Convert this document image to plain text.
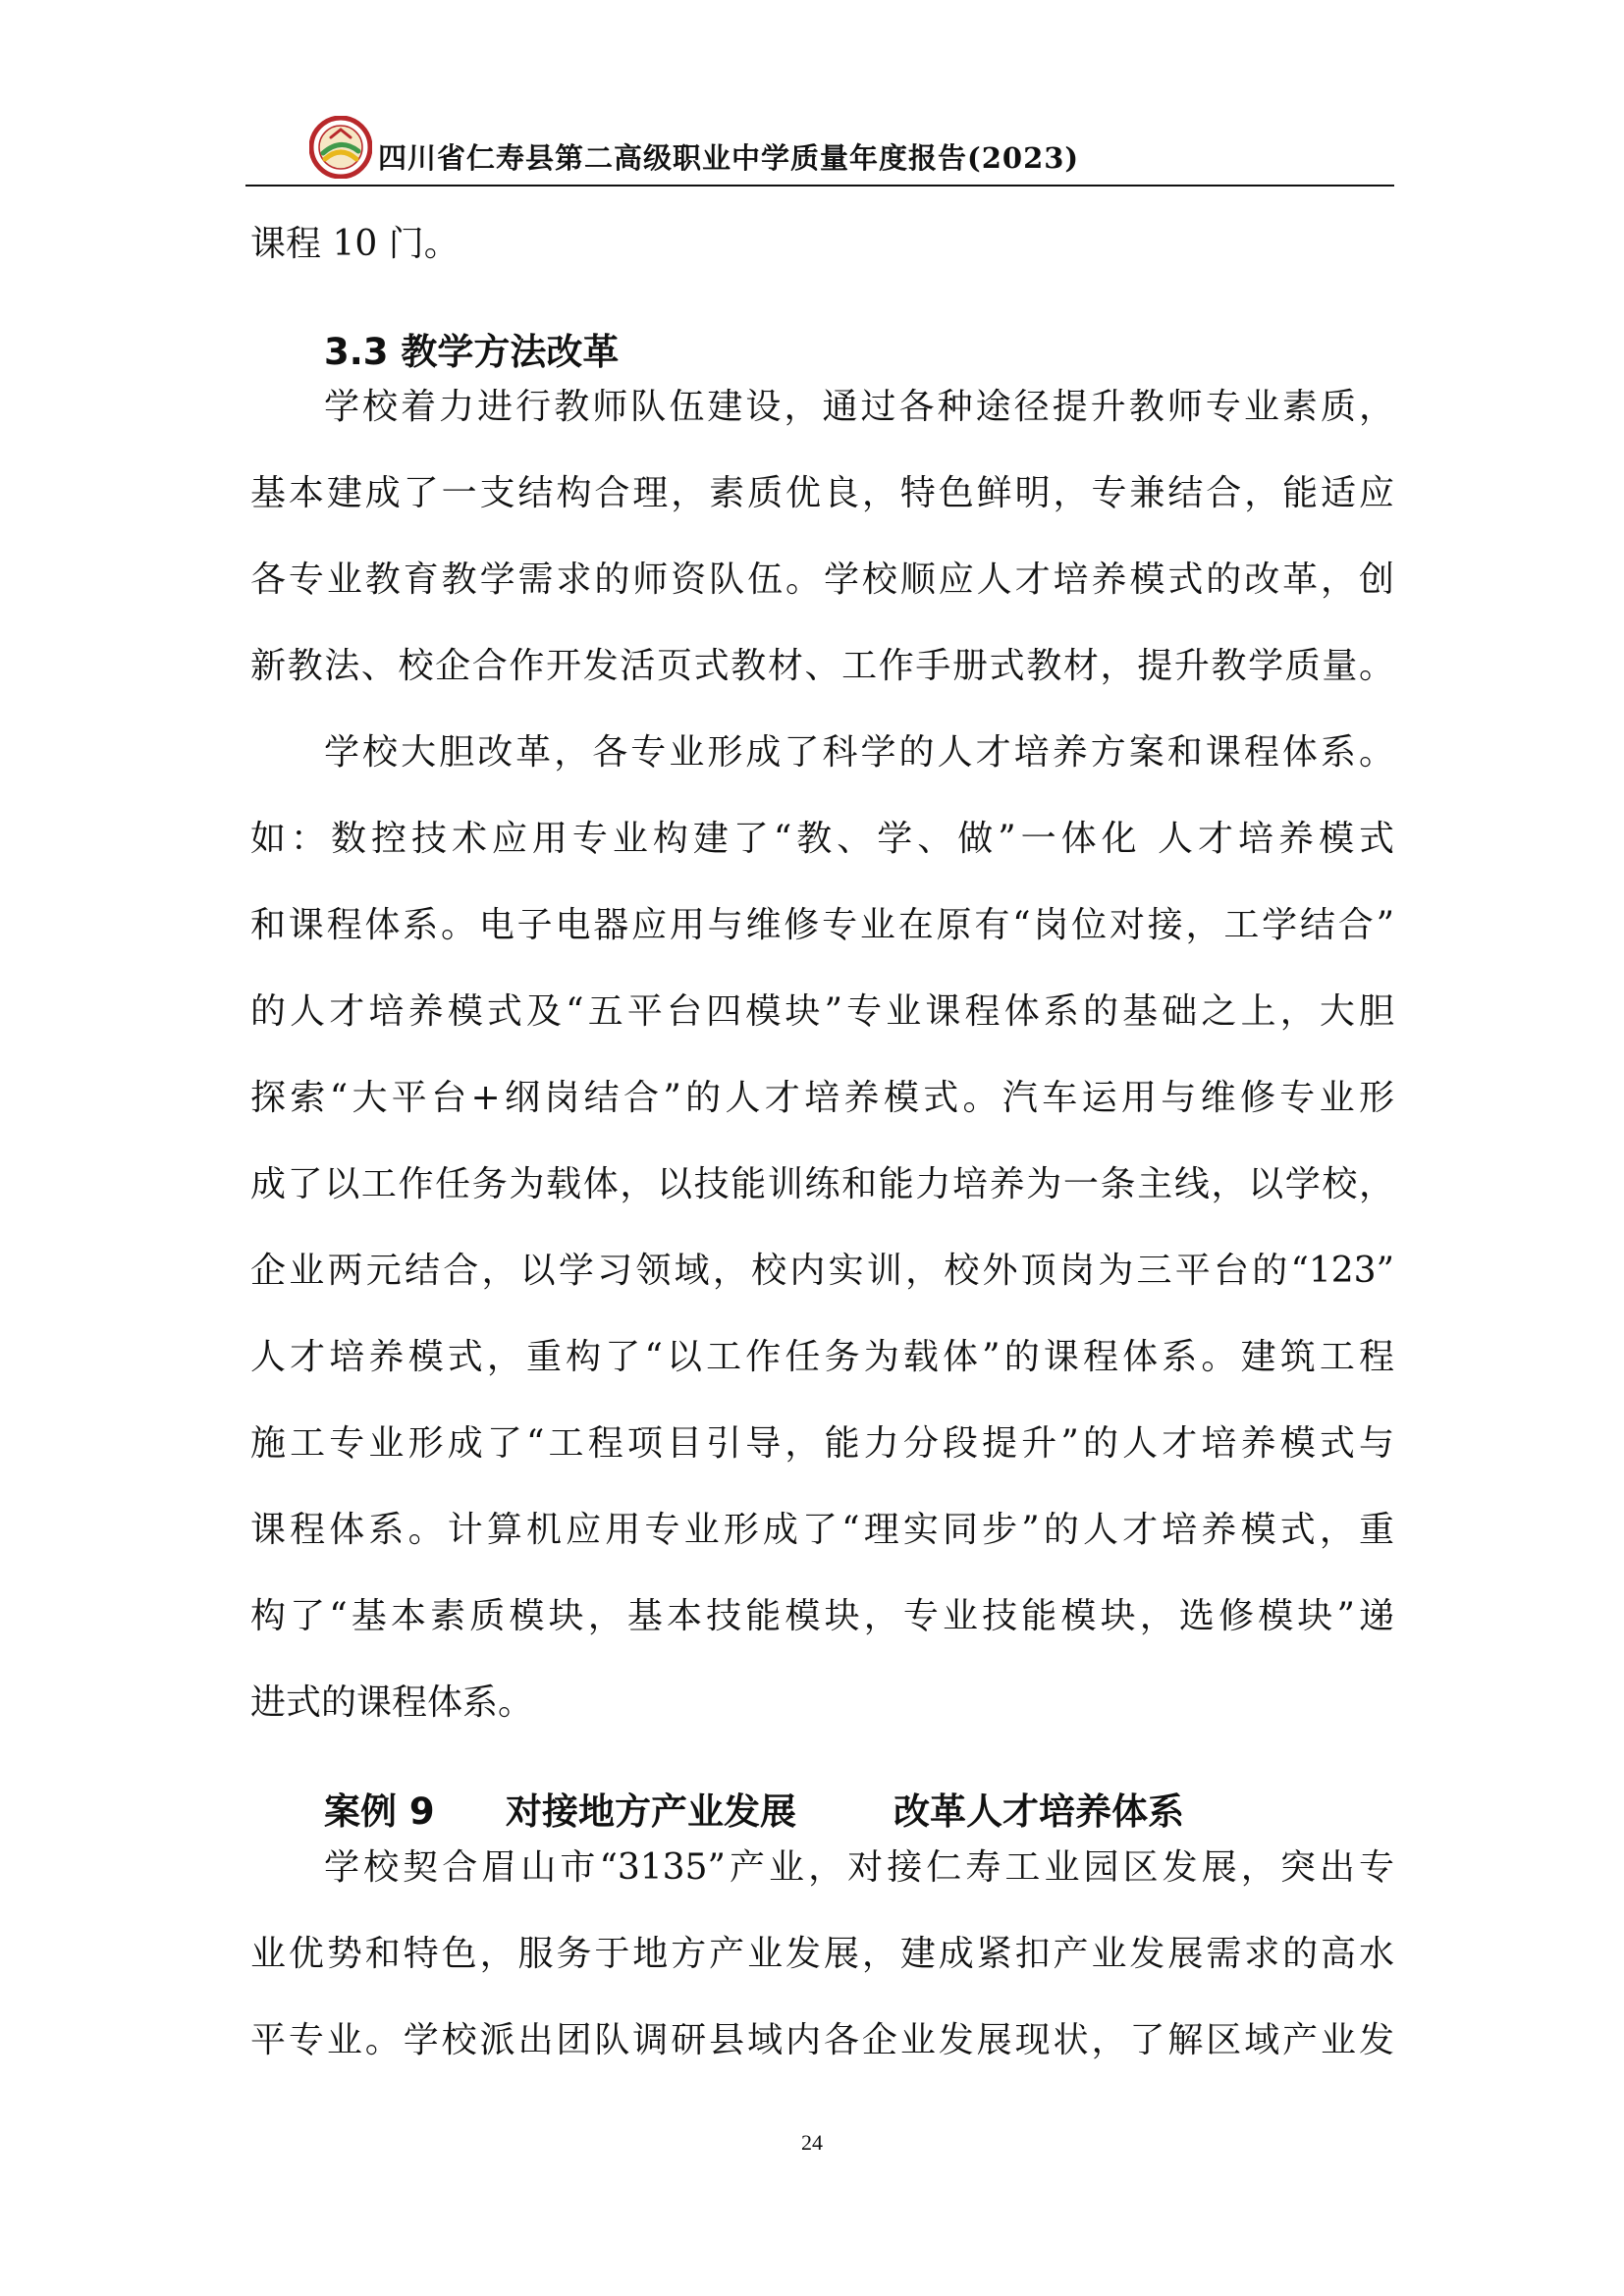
四川省仁寿县第二高级职业中学质量年度报告(2023)
课程 10 门。
3.3 教学方法改革
学校着力进行教师队伍建设，通过各种途径提升教师专业素质，
基本建成了一支结构合理，素质优良，特色鲜明，专兼结合，能适应
各专业教育教学需求的师资队伍。学校顺应人才培养模式的改革，创
新教法、校企合作开发活页式教材、工作手册式教材，提升教学质量。
学校大胆改革，各专业形成了科学的人才培养方案和课程体系。
如：数控技术应用专业构建了“教、学、做”一体化 人才培养模式
和课程体系。电子电器应用与维修专业在原有“岗位对接，工学结合”
的人才培养模式及“五平台四模块”专业课程体系的基础之上，大胆
探索“大平台+纲岗结合”的人才培养模式。汽车运用与维修专业形
成了以工作任务为载体，以技能训练和能力培养为一条主线，以学校，
企业两元结合，以学习领域，校内实训，校外顶岗为三平台的“123”
人才培养模式，重构了“以工作任务为载体”的课程体系。建筑工程
施工专业形成了“工程项目引导，能力分段提升”的人才培养模式与
课程体系。计算机应用专业形成了“理实同步”的人才培养模式，重
构了“基本素质模块，基本技能模块，专业技能模块，选修模块”递
进式的课程体系。
案例 9 对接地方产业发展	改革人才培养体系
学校契合眉山市“3135”产业，对接仁寿工业园区发展，突出专
业优势和特色，服务于地方产业发展，建成紧扣产业发展需求的高水
平专业。学校派出团队调研县域内各企业发展现状，了解区域产业发
24
